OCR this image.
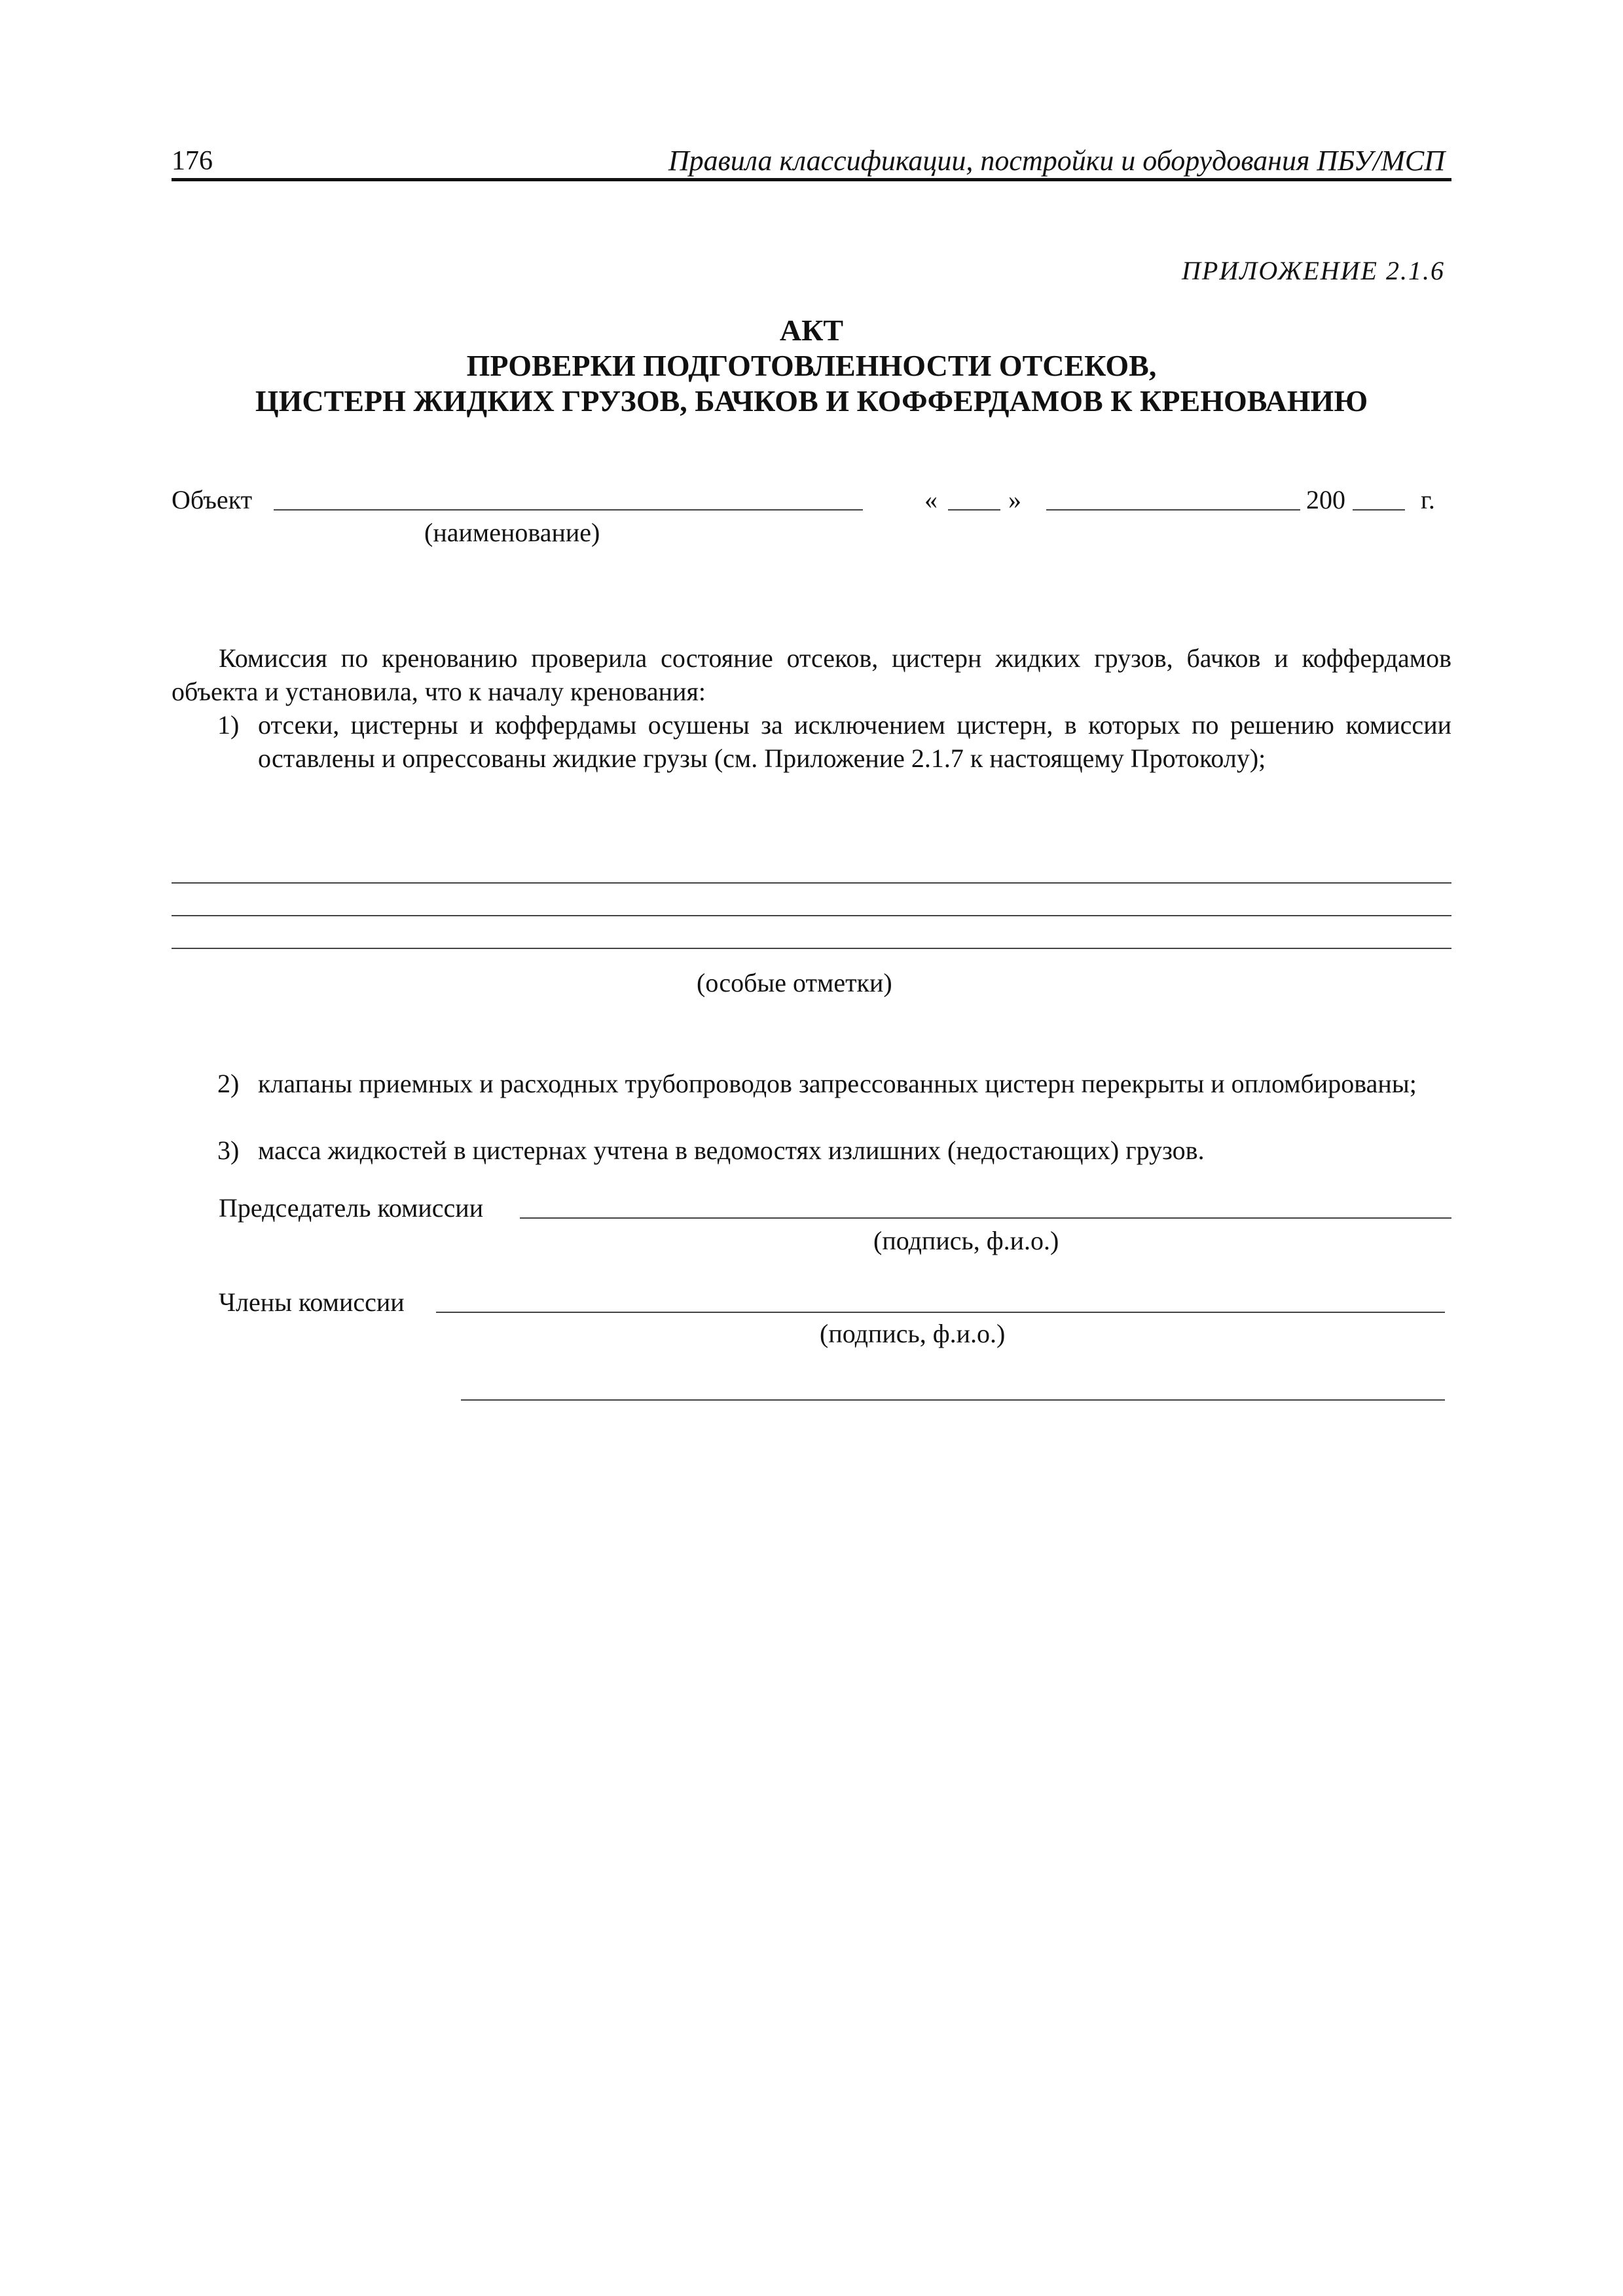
176	Правила классификации, постройки и оборудования ПБУ/МСП
ПРИЛОЖЕНИЕ 2.1.6
АКТ
ПРОВЕРКИ ПОДГОТОВЛЕННОСТИ ОТСЕКОВ,
ЦИСТЕРН ЖИДКИХ ГРУЗОВ, БАЧКОВ И КОФФЕРДАМОВ К КРЕНОВАНИЮ
Объект
(наименование)
«	»	200	г.
Комиссия по кренованию проверила состояние отсеков, цистерн жидких грузов, бачков и коффердамов объекта и установила, что к началу кренования:
1) отсеки, цистерны и коффердамы осушены за исключением цистерн, в которых по решению комиссии оставлены и опрессованы жидкие грузы (см. Приложение 2.1.7 к настоящему Протоколу);
(особые отметки)
2) клапаны приемных и расходных трубопроводов запрессованных цистерн перекрыты и опломбированы;
3) масса жидкостей в цистернах учтена в ведомостях излишних (недостающих) грузов.
Председатель комиссии
(подпись, ф.и.о.)
Члены комиссии
(подпись, ф.и.о.)
